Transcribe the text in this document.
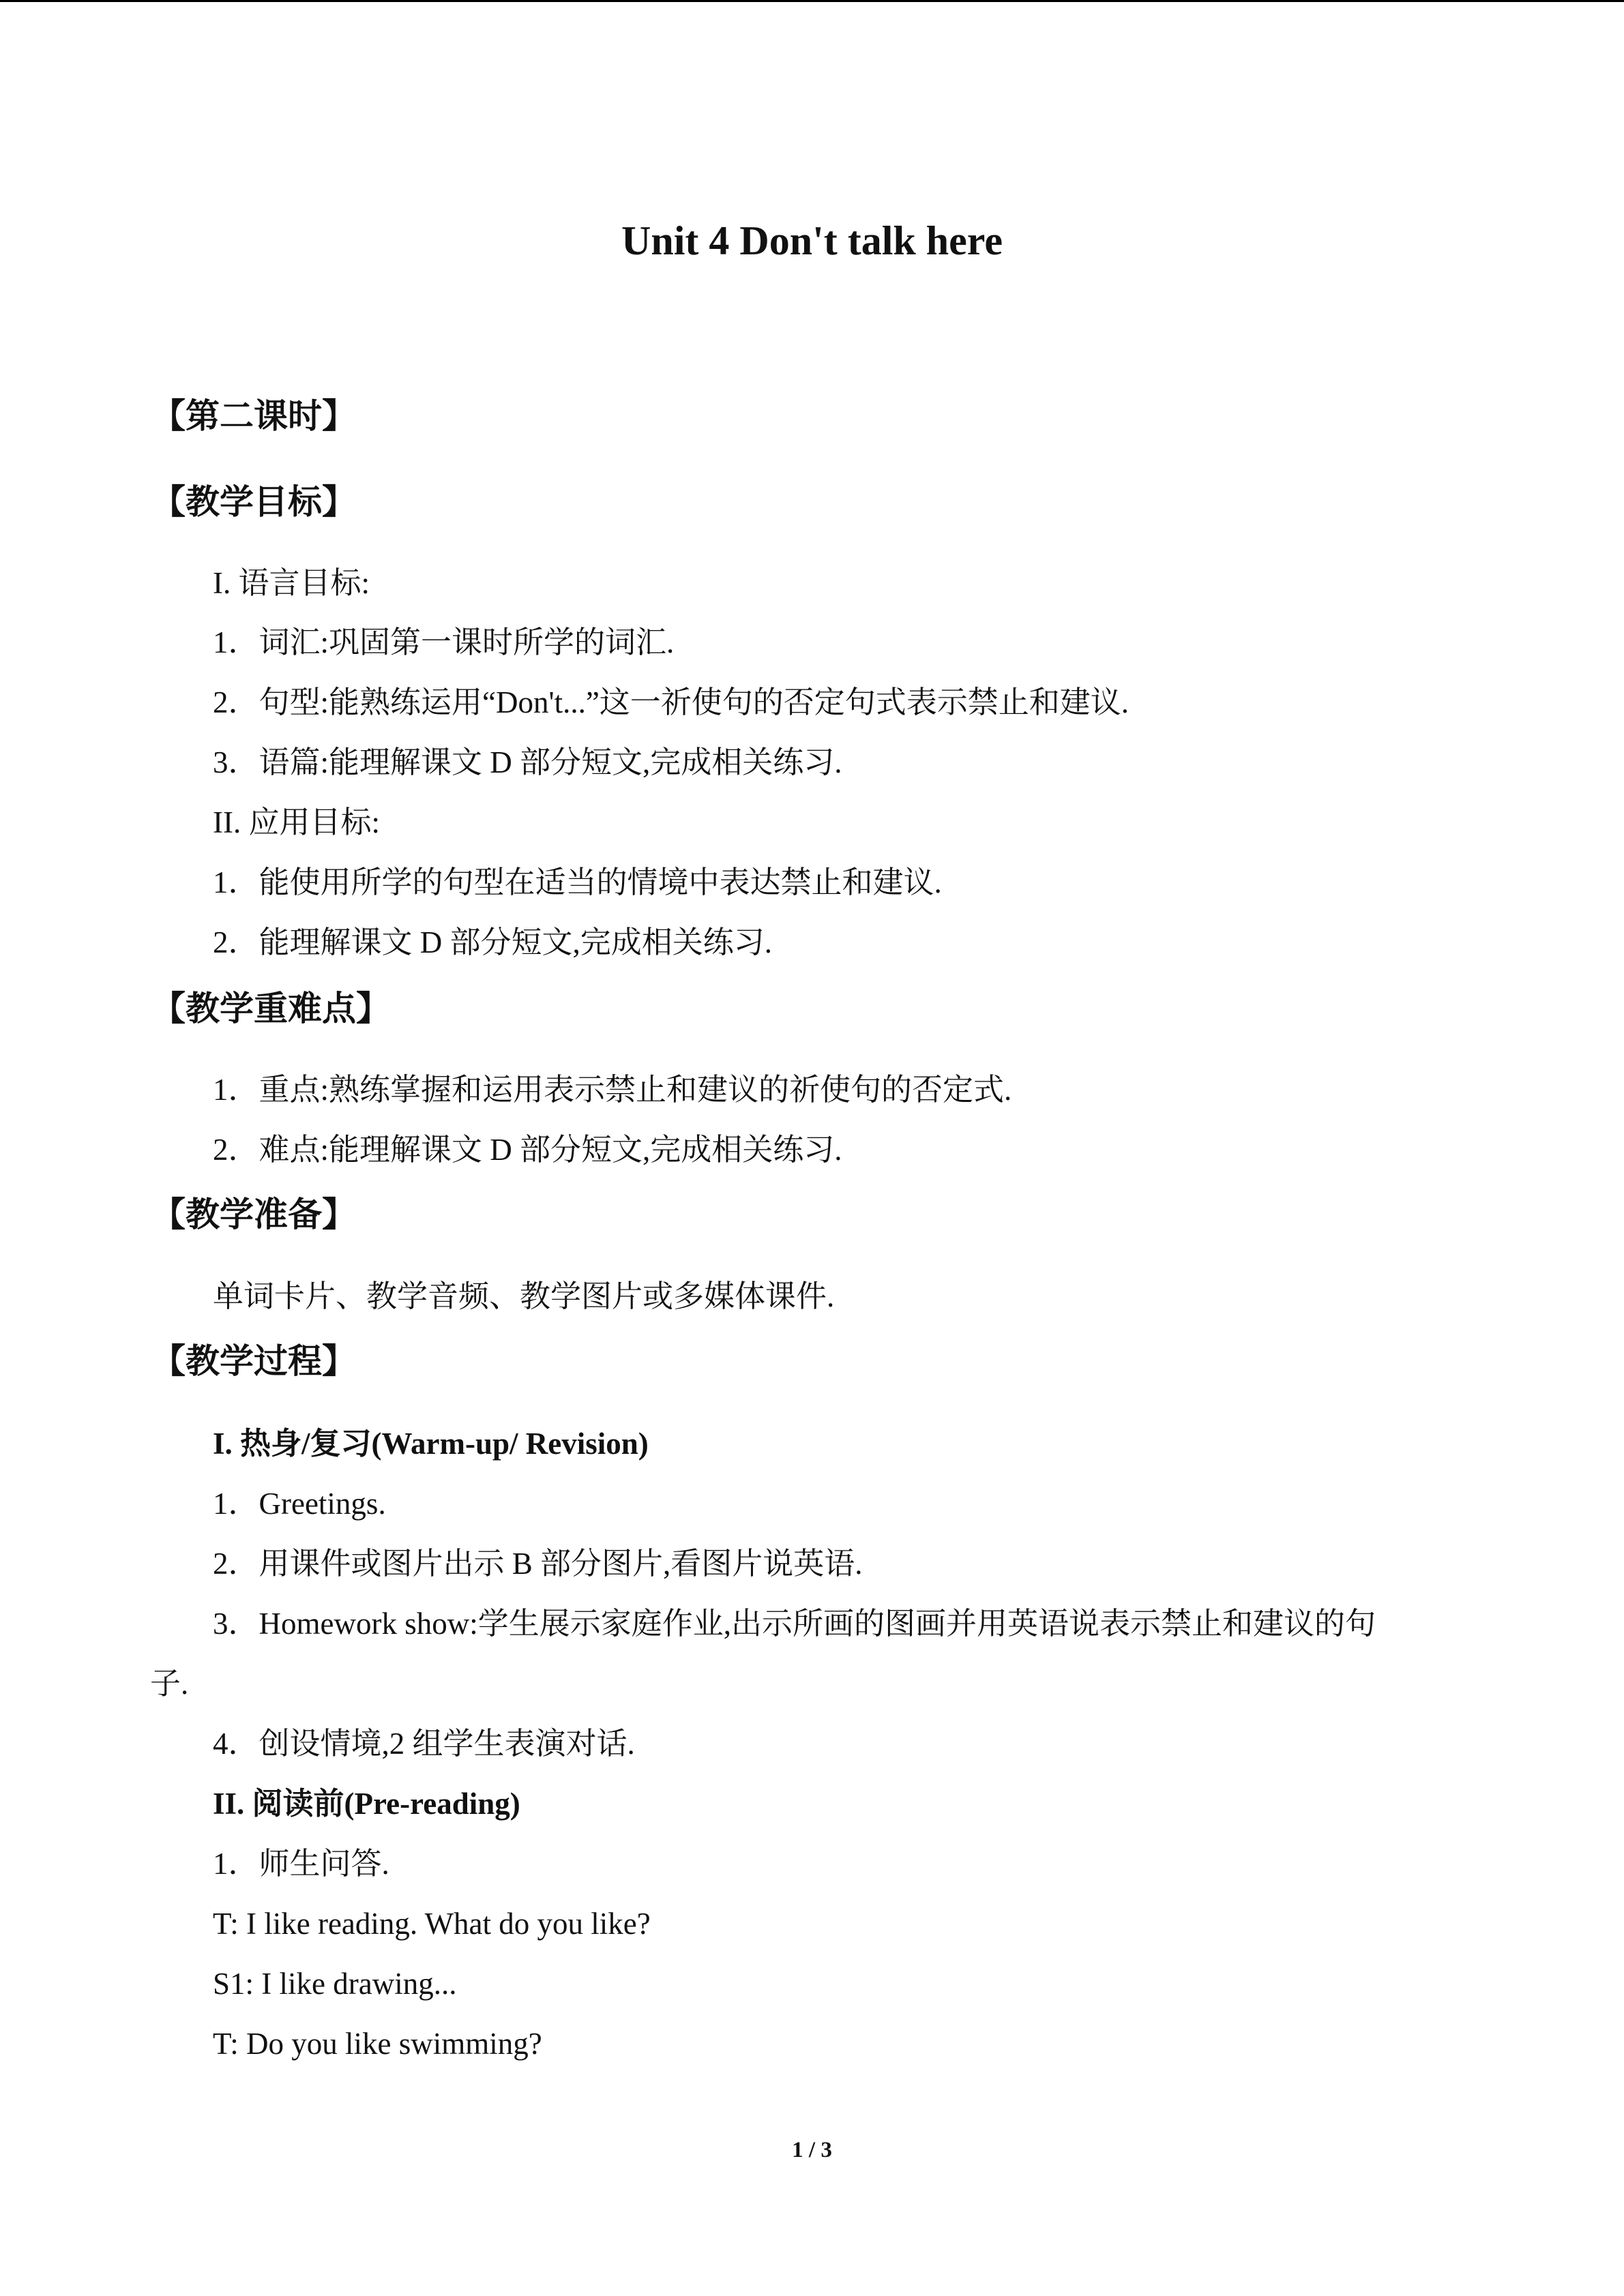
Unit 4 Don't talk here
【第二课时】
【教学目标】
I. 语言目标:
1．词汇:巩固第一课时所学的词汇.
2．句型:能熟练运用“Don't...”这一祈使句的否定句式表示禁止和建议.
3．语篇:能理解课文 D 部分短文,完成相关练习.
II. 应用目标:
1．能使用所学的句型在适当的情境中表达禁止和建议.
2．能理解课文 D 部分短文,完成相关练习.
【教学重难点】
1．重点:熟练掌握和运用表示禁止和建议的祈使句的否定式.
2．难点:能理解课文 D 部分短文,完成相关练习.
【教学准备】
单词卡片、教学音频、教学图片或多媒体课件.
【教学过程】
I. 热身/复习(Warm-up/ Revision)
1．Greetings.
2．用课件或图片出示 B 部分图片,看图片说英语.
3．Homework show:学生展示家庭作业,出示所画的图画并用英语说表示禁止和建议的句
子.
4．创设情境,2 组学生表演对话.
II. 阅读前(Pre-reading)
1．师生问答.
T: I like reading. What do you like?
S1: I like drawing...
T: Do you like swimming?
1 / 3
